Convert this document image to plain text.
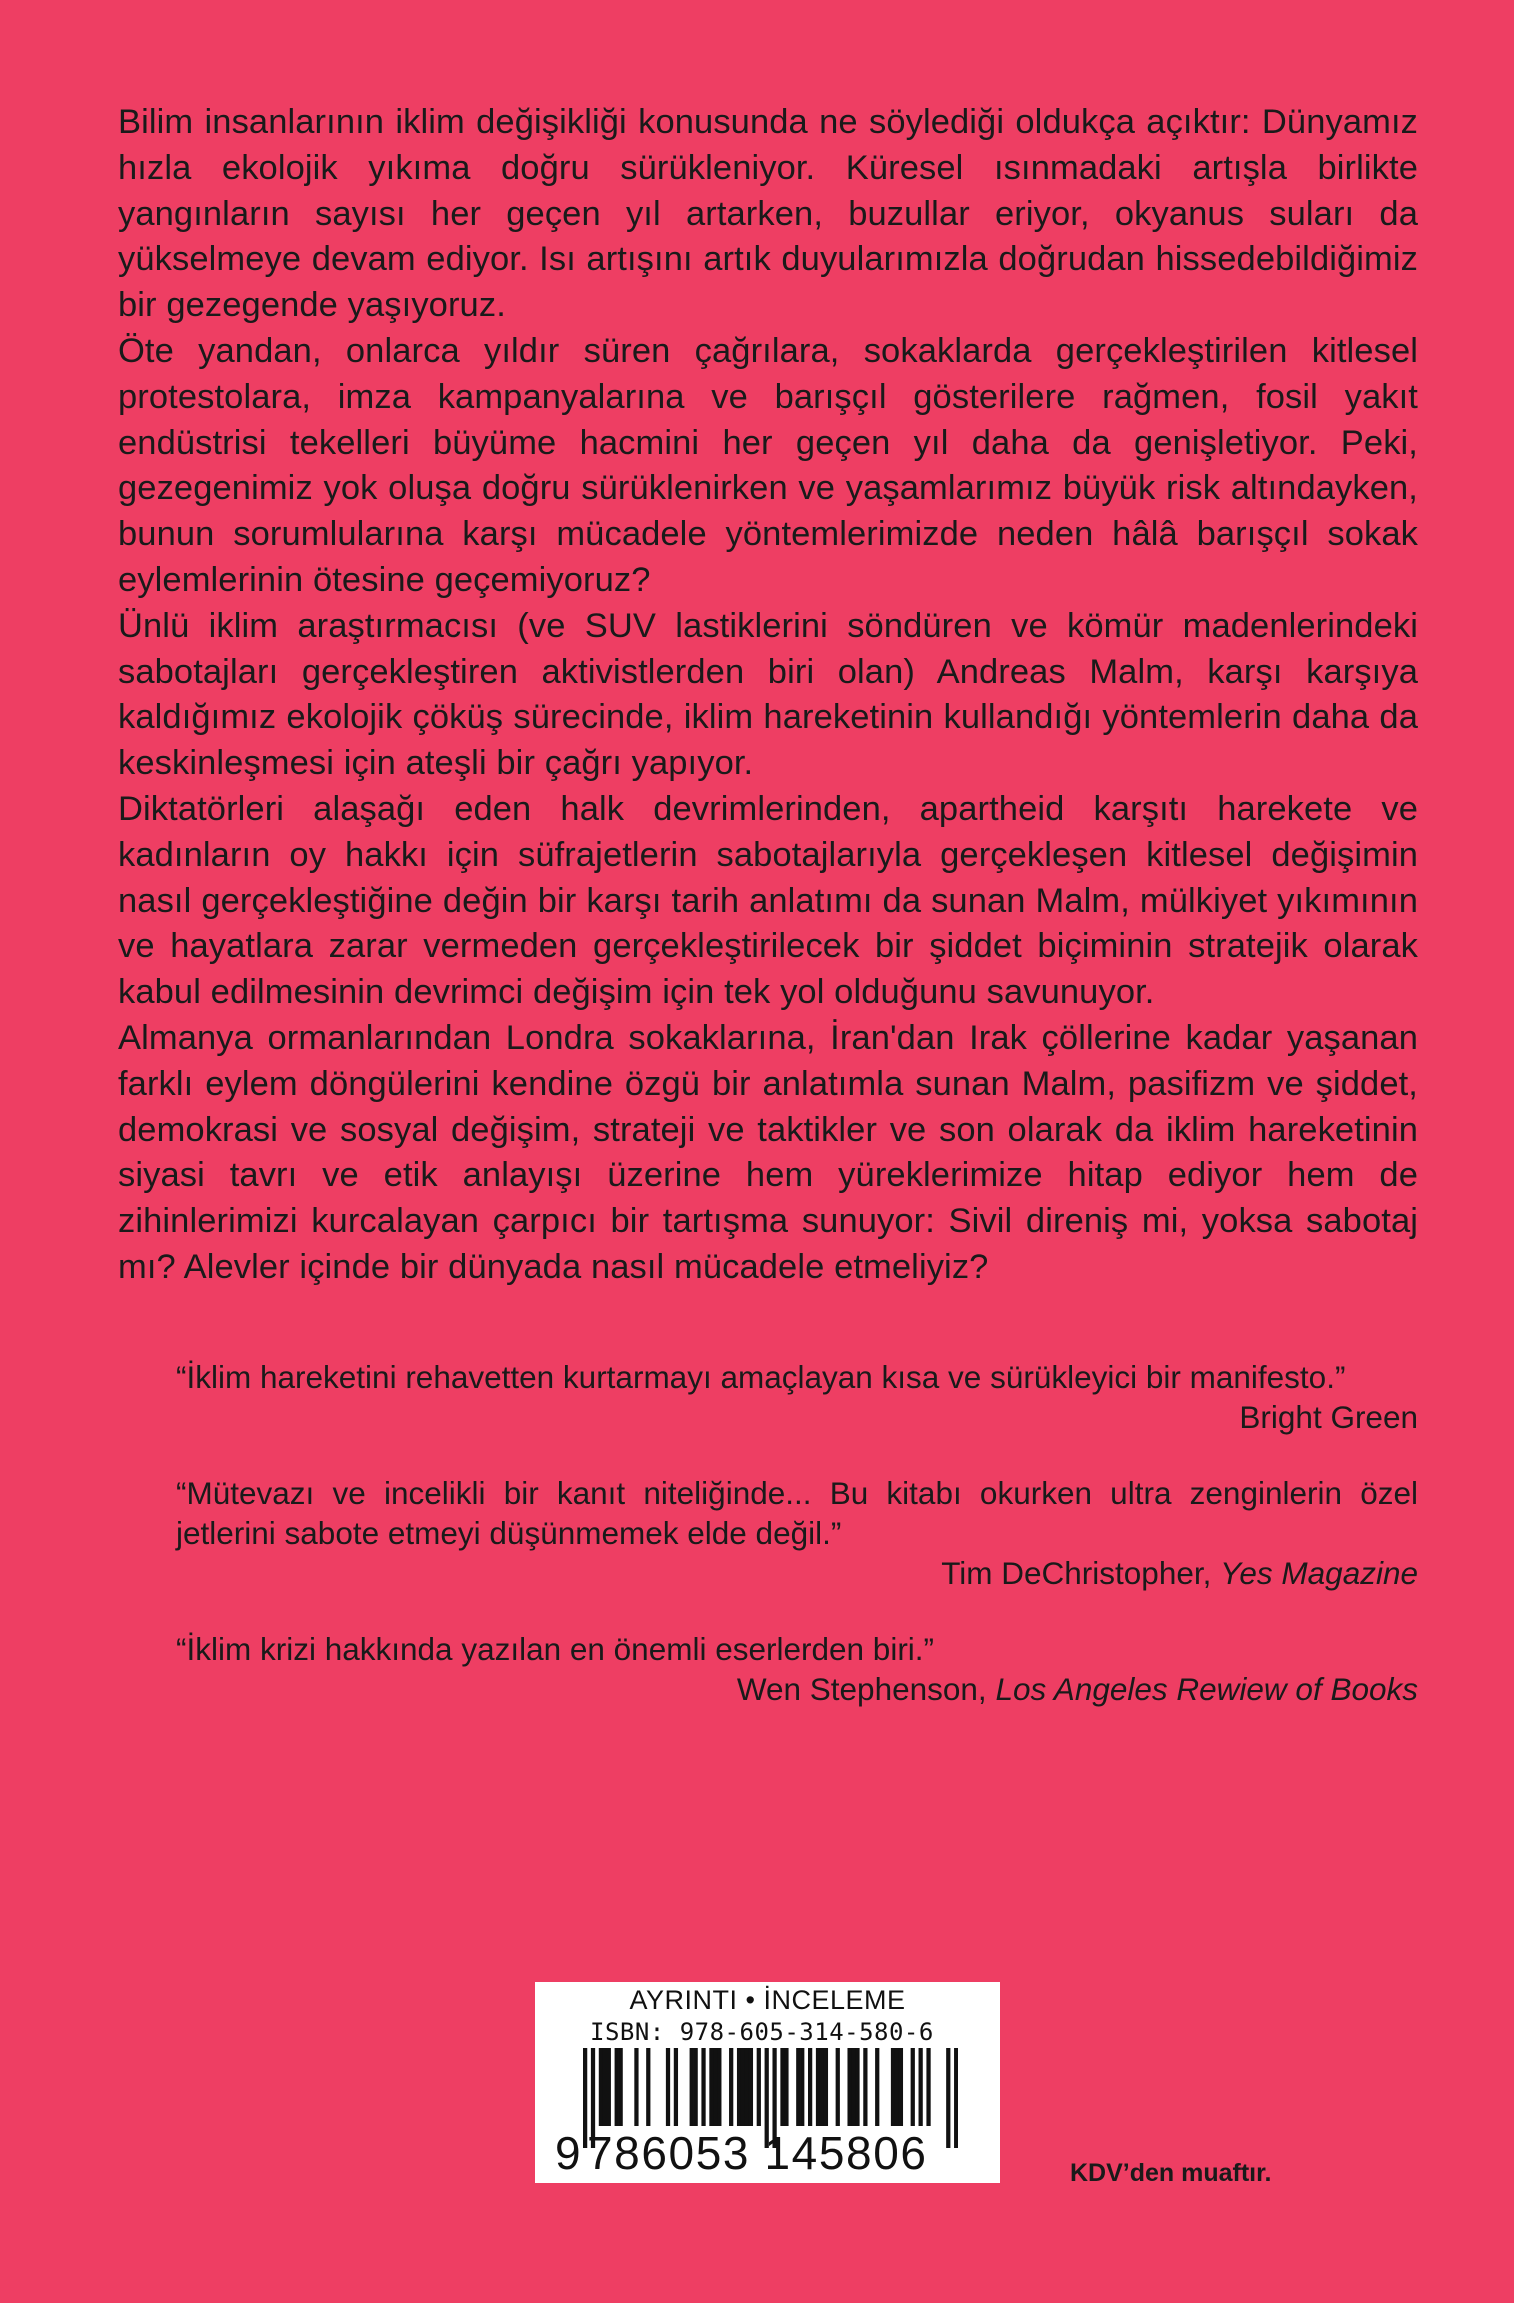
Bilim insanlarının iklim değişikliği konusunda ne söylediği oldukça açıktır: Dünyamız hızla ekolojik yıkıma doğru sürükleniyor. Küresel ısınmadaki artışla birlikte yangınların sayısı her geçen yıl artarken, buzullar eriyor, okyanus suları da yükselmeye devam ediyor. Isı artışını artık duyularımızla doğrudan hissedebildiğimiz bir gezegende yaşıyoruz.

Öte yandan, onlarca yıldır süren çağrılara, sokaklarda gerçekleştirilen kitlesel protestolara, imza kampanyalarına ve barışçıl gösterilere rağmen, fosil yakıt endüstrisi tekelleri büyüme hacmini her geçen yıl daha da genişletiyor. Peki, gezegenimiz yok oluşa doğru sürüklenirken ve yaşamlarımız büyük risk altındayken, bunun sorumlularına karşı mücadele yöntemlerimizde neden hâlâ barışçıl sokak eylemlerinin ötesine geçemiyoruz?

Ünlü iklim araştırmacısı (ve SUV lastiklerini söndüren ve kömür madenlerindeki sabotajları gerçekleştiren aktivistlerden biri olan) Andreas Malm, karşı karşıya kaldığımız ekolojik çöküş sürecinde, iklim hareketinin kullandığı yöntemlerin daha da keskinleşmesi için ateşli bir çağrı yapıyor.

Diktatörleri alaşağı eden halk devrimlerinden, apartheid karşıtı harekete ve kadınların oy hakkı için süfrajetlerin sabotajlarıyla gerçekleşen kitlesel değişimin nasıl gerçekleştiğine değin bir karşı tarih anlatımı da sunan Malm, mülkiyet yıkımının ve hayatlara zarar vermeden gerçekleştirilecek bir şiddet biçiminin stratejik olarak kabul edilmesinin devrimci değişim için tek yol olduğunu savunuyor.

Almanya ormanlarından Londra sokaklarına, İran'dan Irak çöllerine kadar yaşanan farklı eylem döngülerini kendine özgü bir anlatımla sunan Malm, pasifizm ve şiddet, demokrasi ve sosyal değişim, strateji ve taktikler ve son olarak da iklim hareketinin siyasi tavrı ve etik anlayışı üzerine hem yüreklerimize hitap ediyor hem de zihinlerimizi kurcalayan çarpıcı bir tartışma sunuyor: Sivil direniş mi, yoksa sabotaj mı? Alevler içinde bir dünyada nasıl mücadele etmeliyiz?

“İklim hareketini rehavetten kurtarmayı amaçlayan kısa ve sürükleyici bir manifesto.”

Bright Green

“Mütevazı ve incelikli bir kanıt niteliğinde... Bu kitabı okurken ultra zenginlerin özel jetlerini sabote etmeyi düşünmemek elde değil.”

Tim DeChristopher, Yes Magazine

“İklim krizi hakkında yazılan en önemli eserlerden biri.”

Wen Stephenson, Los Angeles Rewiew of Books

AYRINTI • İNCELEME
ISBN: 978-605-314-580-6
9 786053 145806	KDV’den muaftır.
